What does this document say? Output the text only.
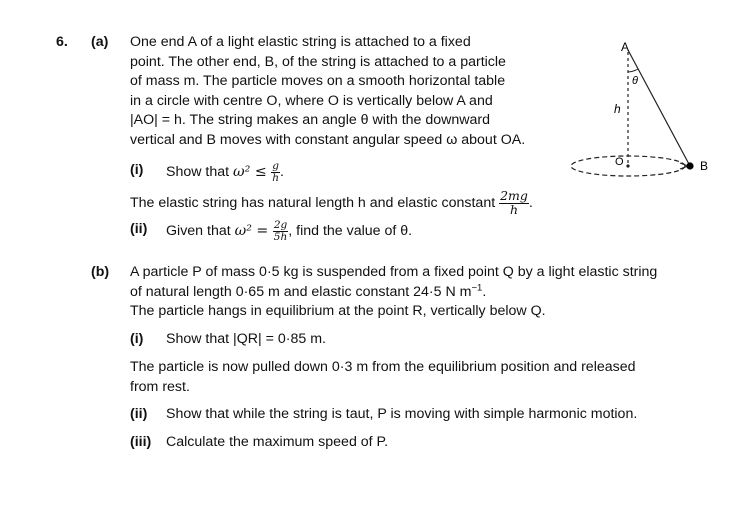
6. (a) One end A of a light elastic string is attached to a fixed
point. The other end, B, of the string is attached to a particle
of mass m. The particle moves on a smooth horizontal table
in a circle with centre O, where O is vertically below A and
|AO| = h. The string makes an angle θ with the downward
vertical and B moves with constant angular speed ω about OA.
(i) Show that $\omega^2 \le \frac{g}{h}$ .
The elastic string has natural length h and elastic constant $\frac{2mg}{h}$ .
(ii) Given that $\omega^2 = \frac{2g}{5h}$ , find the value of θ.
A
θ
h
O	B
(b) A particle P of mass 0·5 kg is suspended from a fixed point Q by a light elastic string
of natural length 0·65 m and elastic constant 24·5 N $m^{-1}$.
The particle hangs in equilibrium at the point R, vertically below Q.
(i) Show that |QR| = 0·85 m.
The particle is now pulled down 0·3 m from the equilibrium position and released
from rest.
(ii) Show that while the string is taut, P is moving with simple harmonic motion.
(iii) Calculate the maximum speed of P.
